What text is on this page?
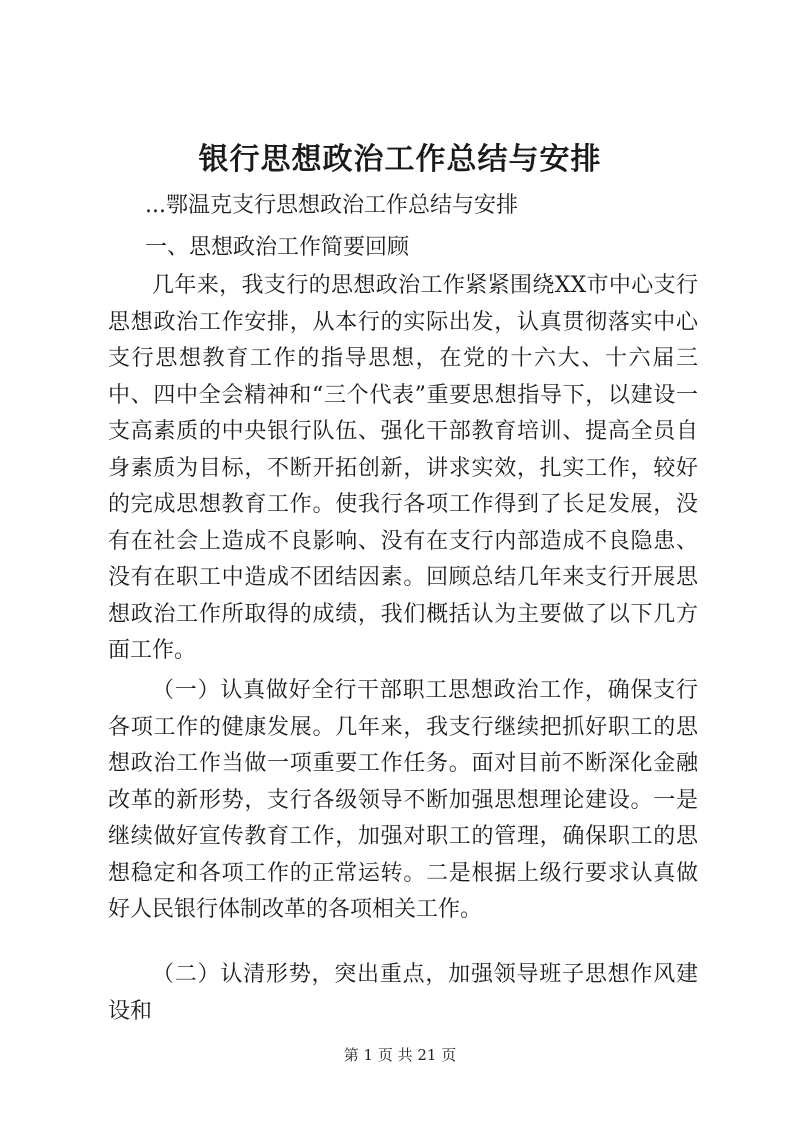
银行思想政治工作总结与安排
...鄂温克支行思想政治工作总结与安排
一、思想政治工作简要回顾
几年来，我支行的思想政治工作紧紧围绕XX市中心支行思想政治工作安排，从本行的实际出发，认真贯彻落实中心支行思想教育工作的指导思想，在党的十六大、十六届三中、四中全会精神和“三个代表”重要思想指导下，以建设一支高素质的中央银行队伍、强化干部教育培训、提高全员自身素质为目标，不断开拓创新，讲求实效，扎实工作，较好的完成思想教育工作。使我行各项工作得到了长足发展，没有在社会上造成不良影响、没有在支行内部造成不良隐患、没有在职工中造成不团结因素。回顾总结几年来支行开展思想政治工作所取得的成绩，我们概括认为主要做了以下几方面工作。
（一）认真做好全行干部职工思想政治工作，确保支行各项工作的健康发展。几年来，我支行继续把抓好职工的思想政治工作当做一项重要工作任务。面对目前不断深化金融改革的新形势，支行各级领导不断加强思想理论建设。一是继续做好宣传教育工作，加强对职工的管理，确保职工的思想稳定和各项工作的正常运转。二是根据上级行要求认真做好人民银行体制改革的各项相关工作。
（二）认清形势，突出重点，加强领导班子思想作风建设和
第 1 页 共 21 页
